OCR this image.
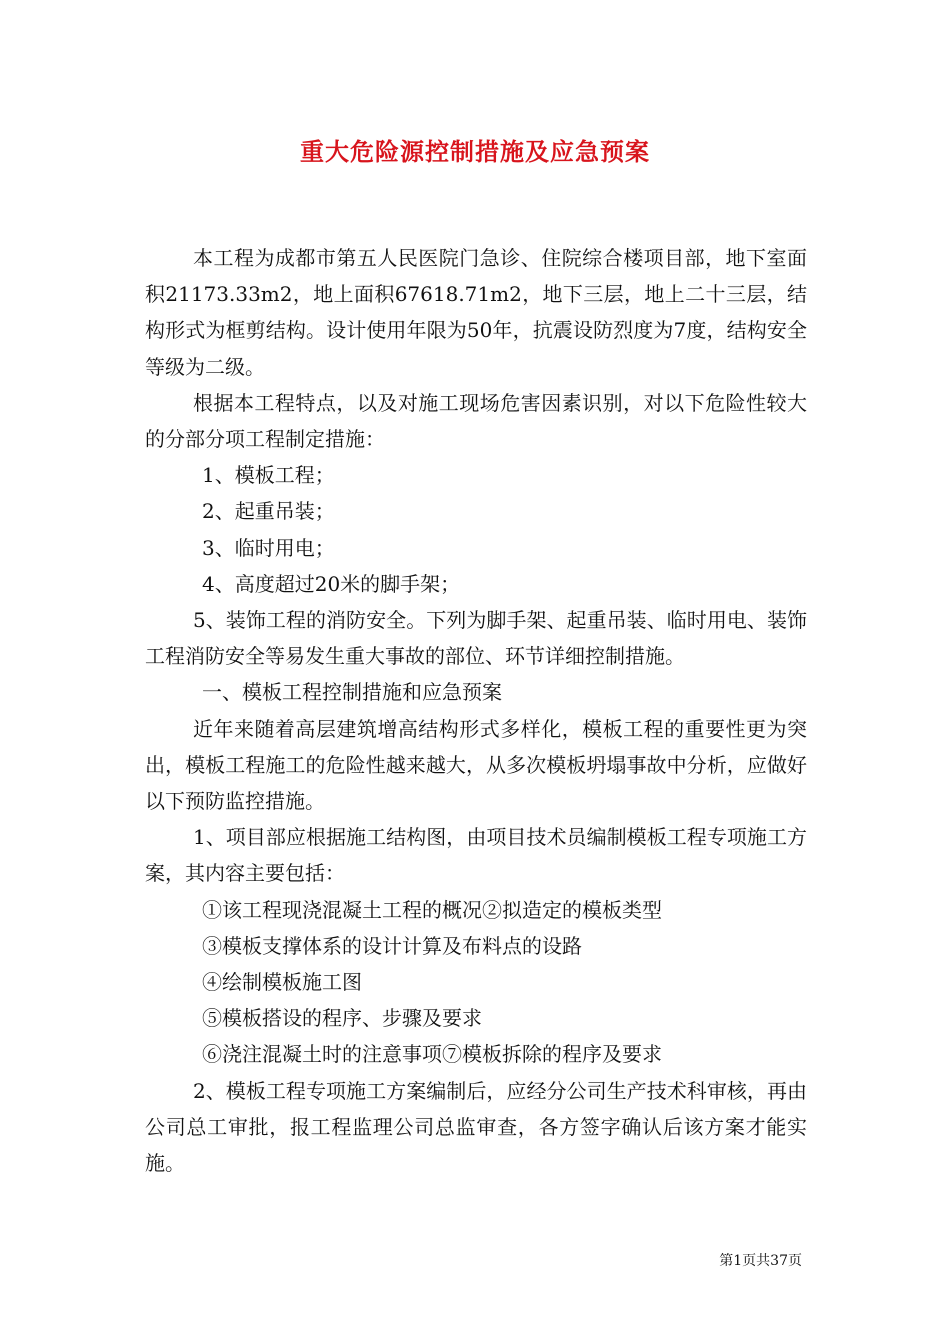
重大危险源控制措施及应急预案

本工程为成都市第五人民医院门急诊、住院综合楼项目部，地下室面积21173.33m2，地上面积67618.71m2，地下三层，地上二十三层，结构形式为框剪结构。设计使用年限为50年，抗震设防烈度为7度，结构安全等级为二级。

根据本工程特点，以及对施工现场危害因素识别，对以下危险性较大的分部分项工程制定措施：

1、模板工程；

2、起重吊装；

3、临时用电；

4、高度超过20米的脚手架；

5、装饰工程的消防安全。下列为脚手架、起重吊装、临时用电、装饰工程消防安全等易发生重大事故的部位、环节详细控制措施。

一、模板工程控制措施和应急预案

近年来随着高层建筑增高结构形式多样化，模板工程的重要性更为突出，模板工程施工的危险性越来越大，从多次模板坍塌事故中分析，应做好以下预防监控措施。

1、项目部应根据施工结构图，由项目技术员编制模板工程专项施工方案，其内容主要包括：

①该工程现浇混凝土工程的概况②拟造定的模板类型

③模板支撑体系的设计计算及布料点的设路

④绘制模板施工图

⑤模板搭设的程序、步骤及要求

⑥浇注混凝土时的注意事项⑦模板拆除的程序及要求

2、模板工程专项施工方案编制后，应经分公司生产技术科审核，再由公司总工审批，报工程监理公司总监审查，各方签字确认后该方案才能实施。

第1页共37页
